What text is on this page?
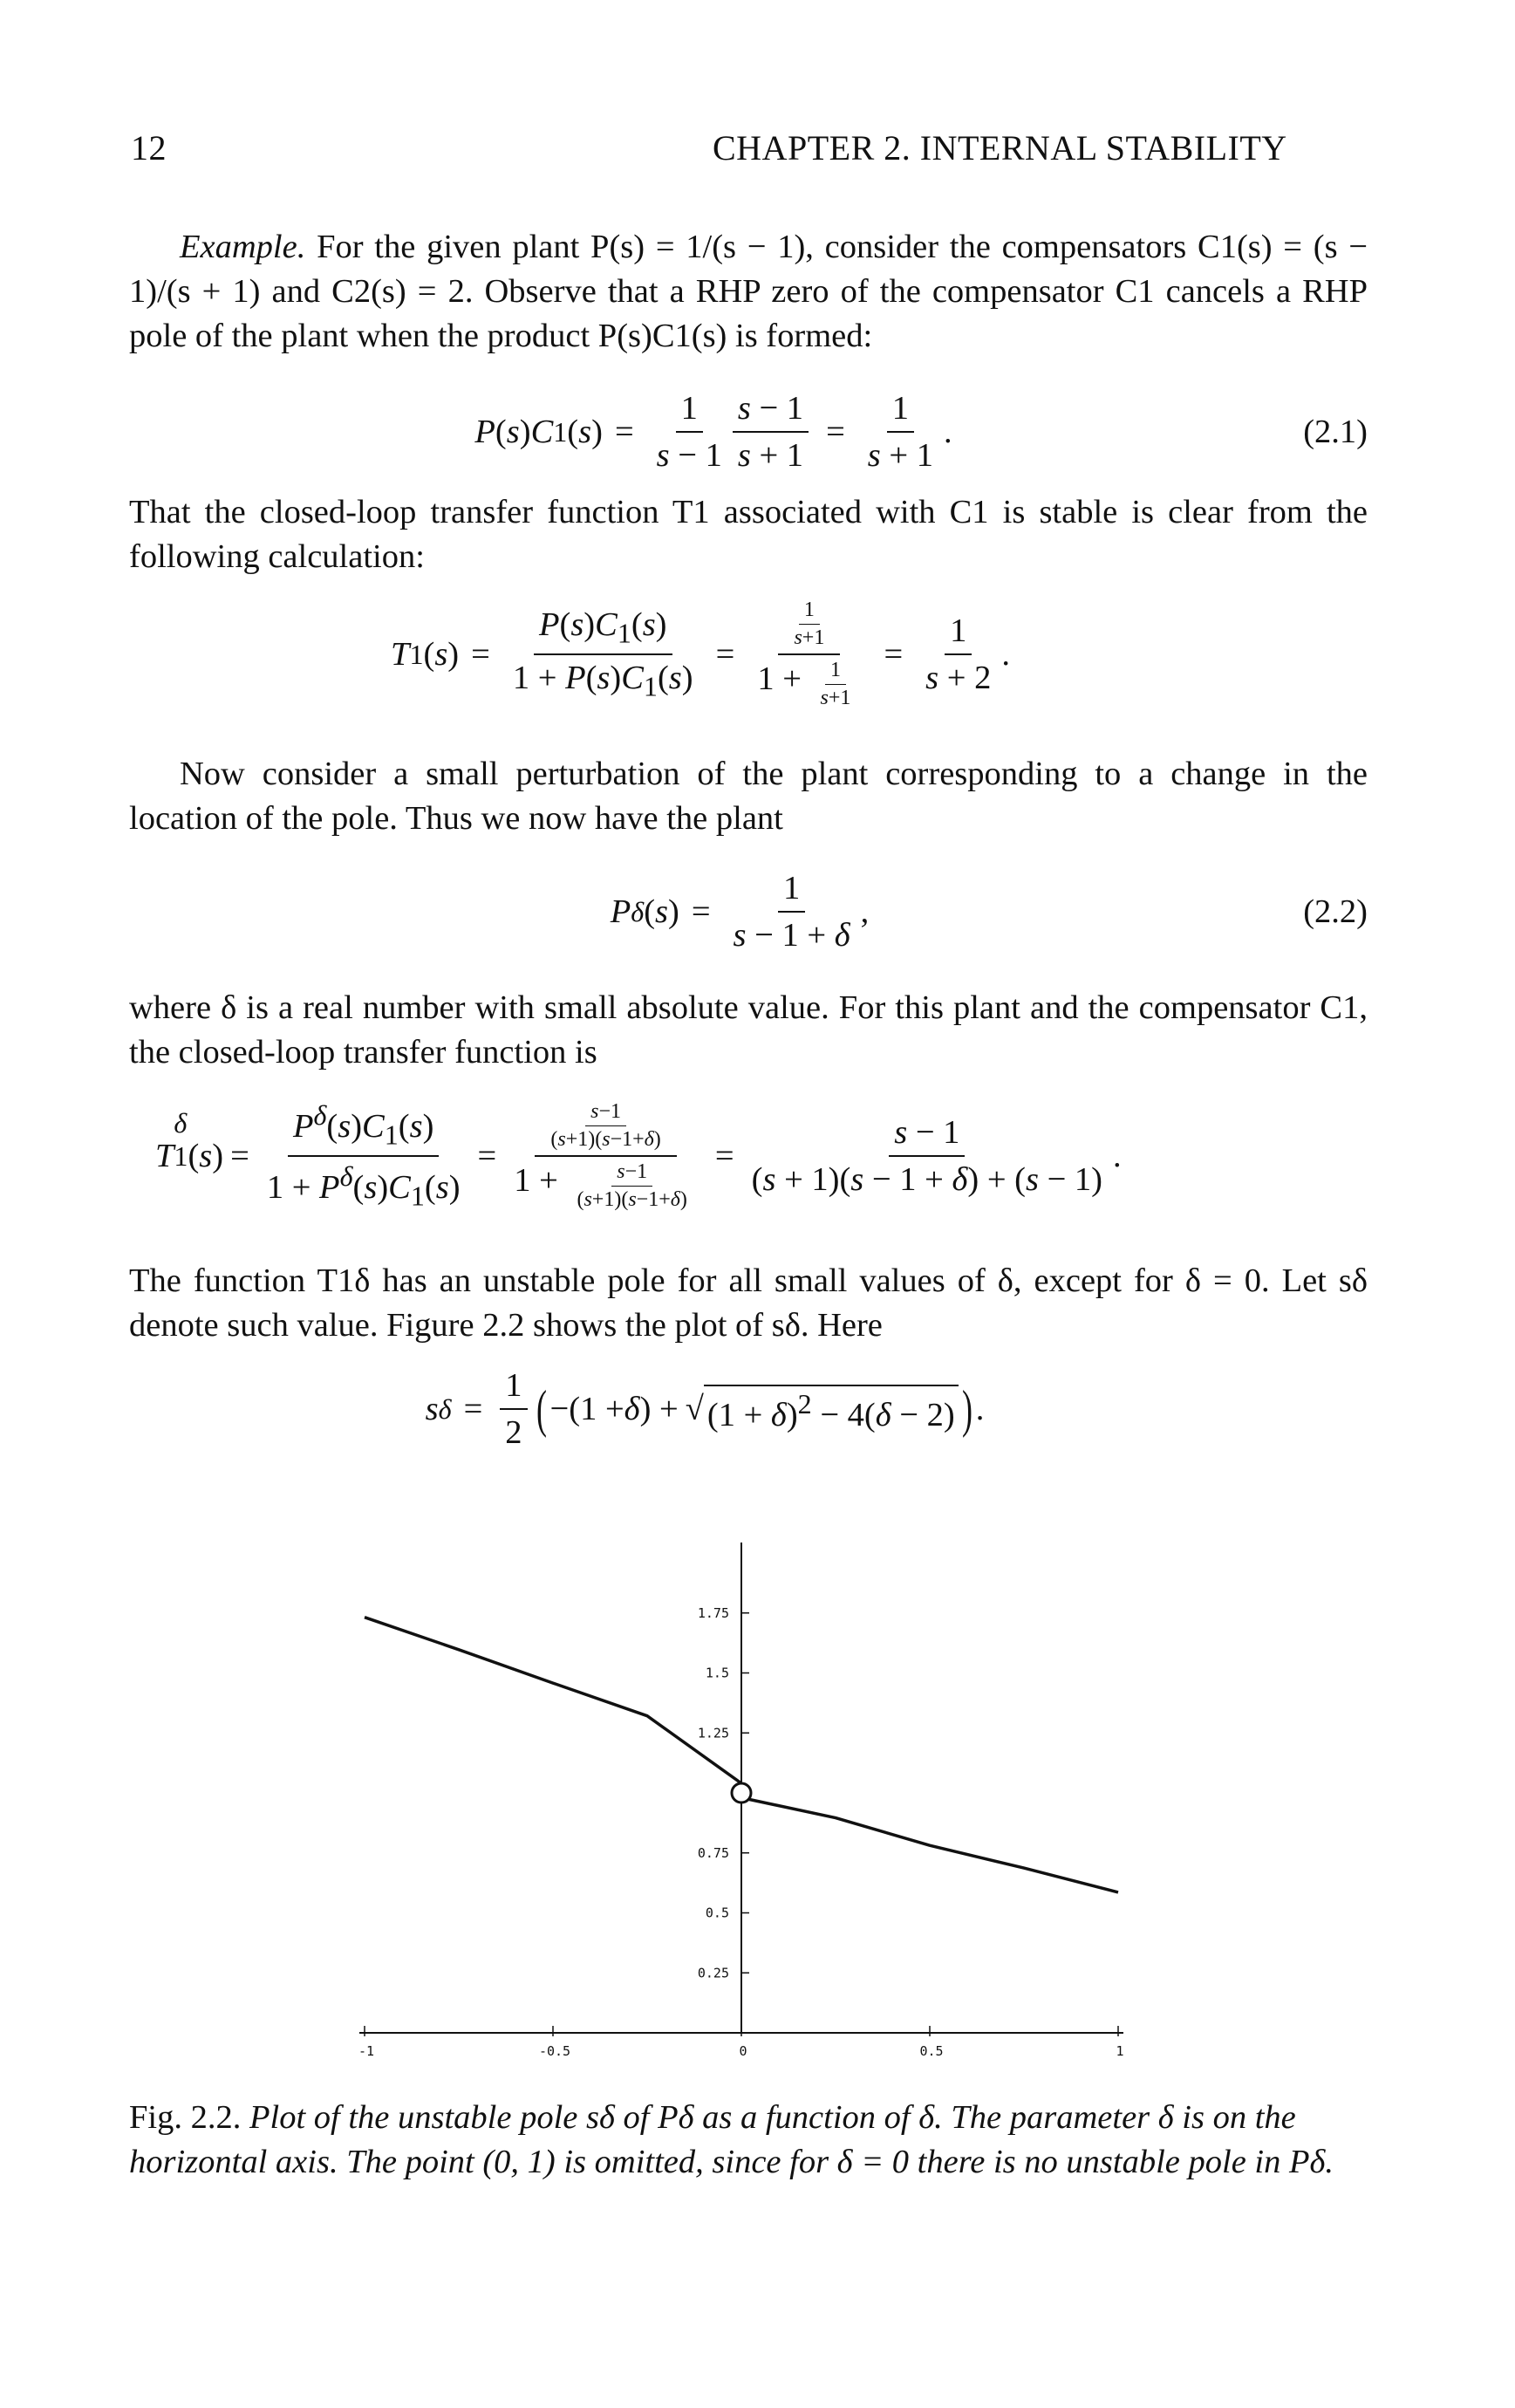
12	CHAPTER 2. INTERNAL STABILITY
Example. For the given plant P(s) = 1/(s − 1), consider the compensators C1(s) = (s − 1)/(s + 1) and C2(s) = 2. Observe that a RHP zero of the compensator C1 cancels a RHP pole of the plant when the product P(s)C1(s) is formed:
P ( s ) C 1 ( s ) = $\frac{1}{s - 1} \frac{s - 1}{s + 1} = \frac{1}{s + 1}$ .	(2.1)
That the closed-loop transfer function T1 associated with C1 is stable is clear from the following calculation:
T 1 ( s ) = $\frac{P(s)C_1(s)}{1 + P(s)C_1(s)} = \frac{\frac{1}{s+1}}{1 + \frac{1}{s+1}} = \frac{1}{s + 2}$ .
Now consider a small perturbation of the plant corresponding to a change in the location of the pole. Thus we now have the plant
P δ ( s ) = $\frac{1}{s - 1 + \delta}$ ,	(2.2)
where δ is a real number with small absolute value. For this plant and the compensator C1, the closed-loop transfer function is
T
δ
1 ( s ) = $\frac{P^\delta(s)C_1(s)}{1 + P^\delta(s)C_1(s)} = \frac{\frac{s-1}{(s+1)(s-1+\delta)}}{1 + \frac{s-1}{(s+1)(s-1+\delta)}} = \frac{s - 1}{(s + 1)(s - 1 + \delta) + (s - 1)}$ .
The function T1δ has an unstable pole for all small values of δ, except for δ = 0. Let sδ denote such value. Figure 2.2 shows the plot of sδ. Here
s $\delta = \frac{1}{2}$ ( −(1 + δ ) + √ $(1 + \delta)^2 - 4(\delta - 2)$ ) .
-1	-0.5	0	0.5	1
0.25
0.5
0.75
1.25
1.5
1.75
Fig. 2.2. Plot of the unstable pole sδ of Pδ as a function of δ. The parameter δ is on the horizontal axis. The point (0, 1) is omitted, since for δ = 0 there is no unstable pole in Pδ.
